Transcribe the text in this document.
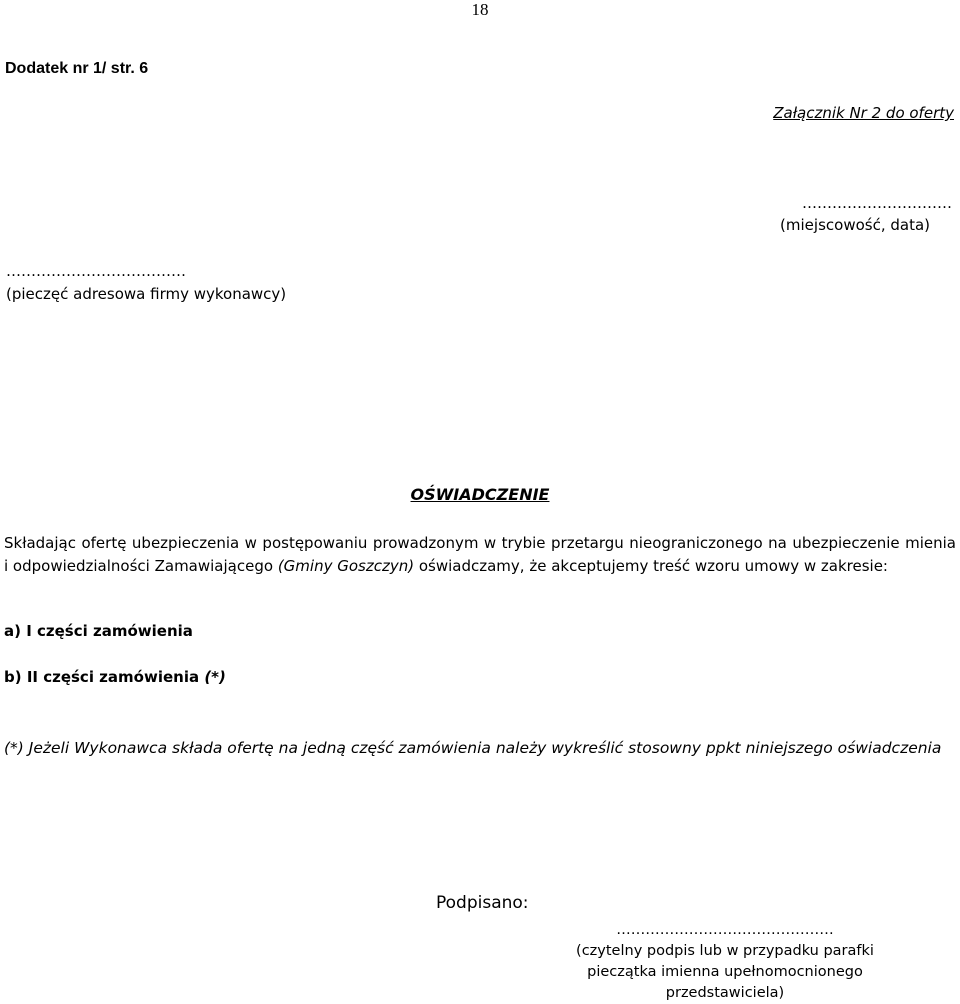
18
Dodatek nr 1/ str. 6
Załącznik Nr 2 do oferty
…………………………
(miejscowość, data)
………………………………
(pieczęć adresowa firmy wykonawcy)
OŚWIADCZENIE

Składając ofertę ubezpieczenia w postępowaniu prowadzonym w trybie przetargu nieograniczonego na ubezpieczenie mienia i odpowiedzialności Zamawiającego (Gminy Goszczyn) oświadczamy, że akceptujemy treść wzoru umowy w zakresie:

a) I części zamówienia
b) II części zamówienia (*)

(*) Jeżeli Wykonawca składa ofertę na jedną część zamówienia należy wykreślić stosowny ppkt niniejszego oświadczenia

Podpisano:
………………………………………
(czytelny podpis lub w przypadku parafki
pieczątka imienna upełnomocnionego
przedstawiciela)
